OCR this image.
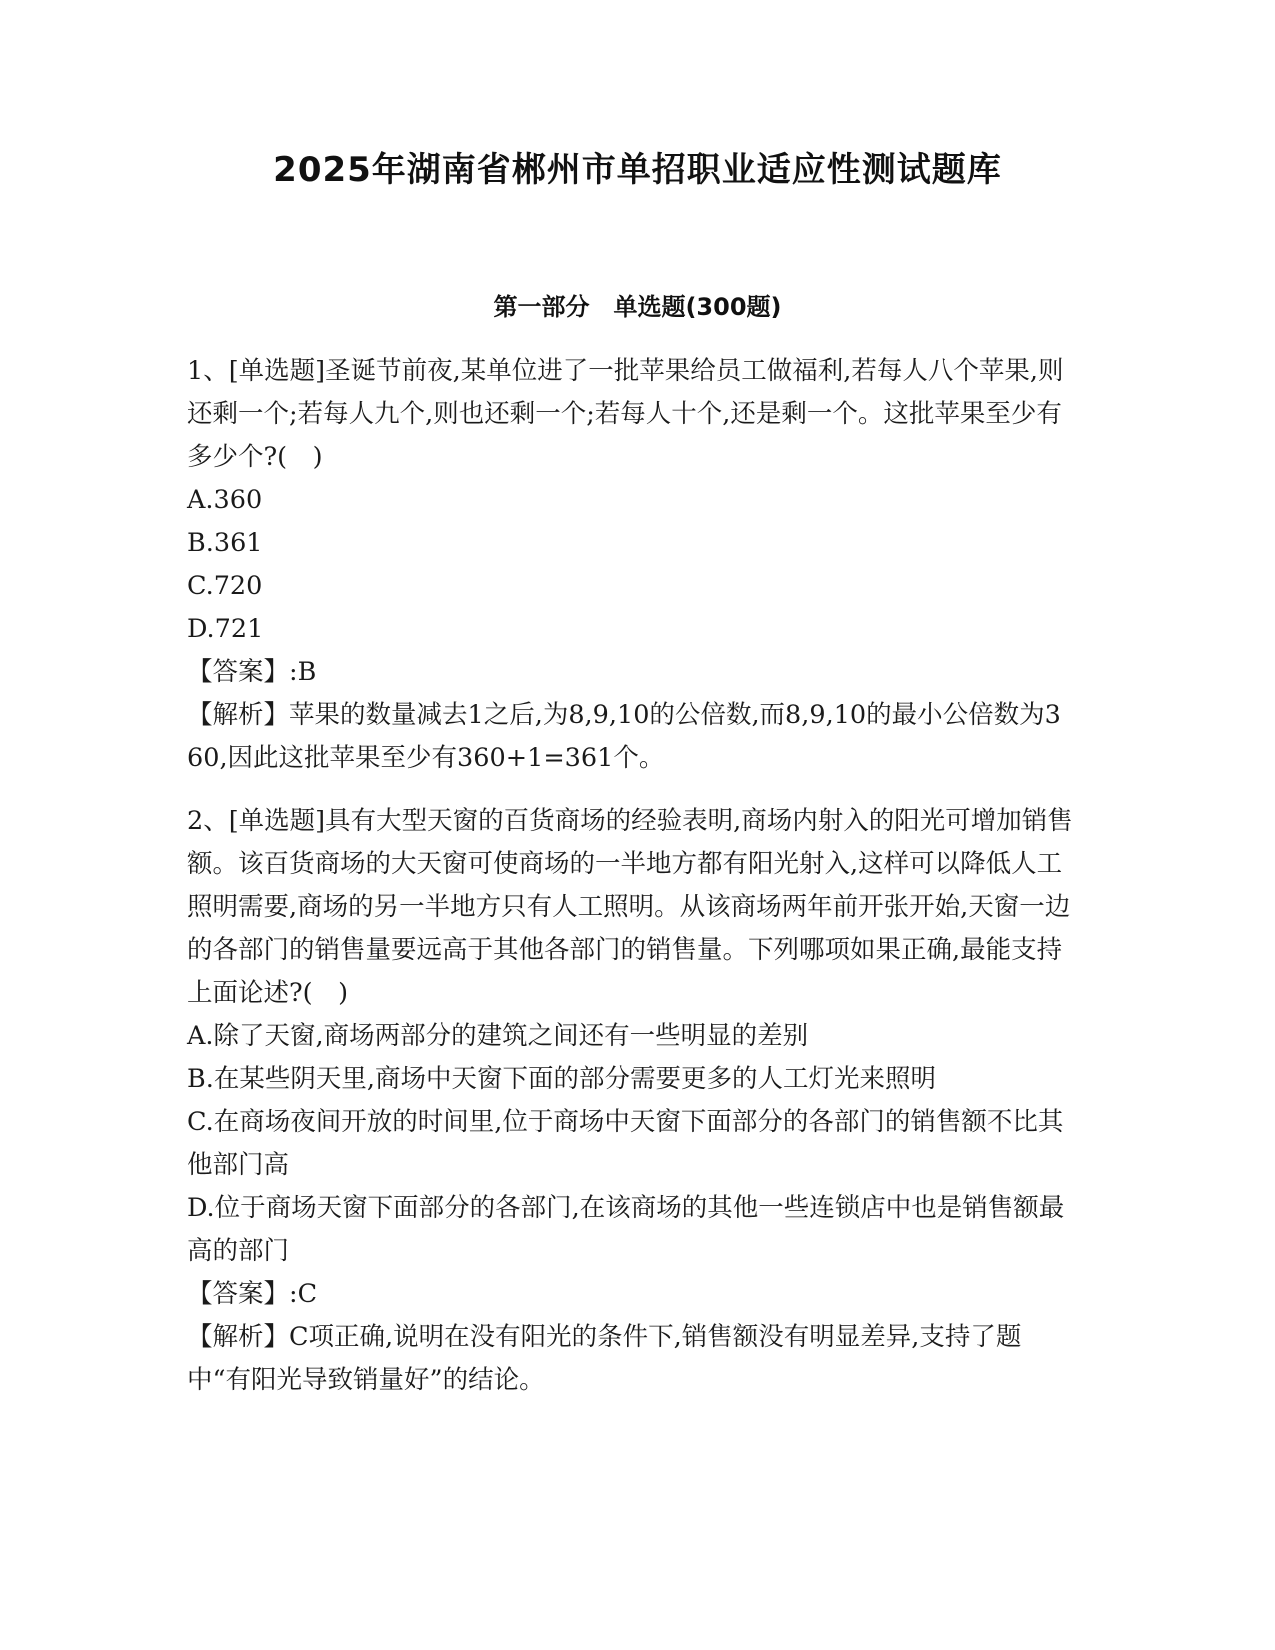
2025年湖南省郴州市单招职业适应性测试题库
第一部分　单选题(300题)
1、[单选题]圣诞节前夜,某单位进了一批苹果给员工做福利,若每人八个苹果,则还剩一个;若每人九个,则也还剩一个;若每人十个,还是剩一个。这批苹果至少有多少个?(　)
A.360
B.361
C.720
D.721
【答案】:B
【解析】苹果的数量减去1之后,为8,9,10的公倍数,而8,9,10的最小公倍数为360,因此这批苹果至少有360+1=361个。
2、[单选题]具有大型天窗的百货商场的经验表明,商场内射入的阳光可增加销售额。该百货商场的大天窗可使商场的一半地方都有阳光射入,这样可以降低人工照明需要,商场的另一半地方只有人工照明。从该商场两年前开张开始,天窗一边的各部门的销售量要远高于其他各部门的销售量。下列哪项如果正确,最能支持上面论述?(　)
A.除了天窗,商场两部分的建筑之间还有一些明显的差别
B.在某些阴天里,商场中天窗下面的部分需要更多的人工灯光来照明
C.在商场夜间开放的时间里,位于商场中天窗下面部分的各部门的销售额不比其他部门高
D.位于商场天窗下面部分的各部门,在该商场的其他一些连锁店中也是销售额最高的部门
【答案】:C
【解析】C项正确,说明在没有阳光的条件下,销售额没有明显差异,支持了题中“有阳光导致销量好”的结论。
